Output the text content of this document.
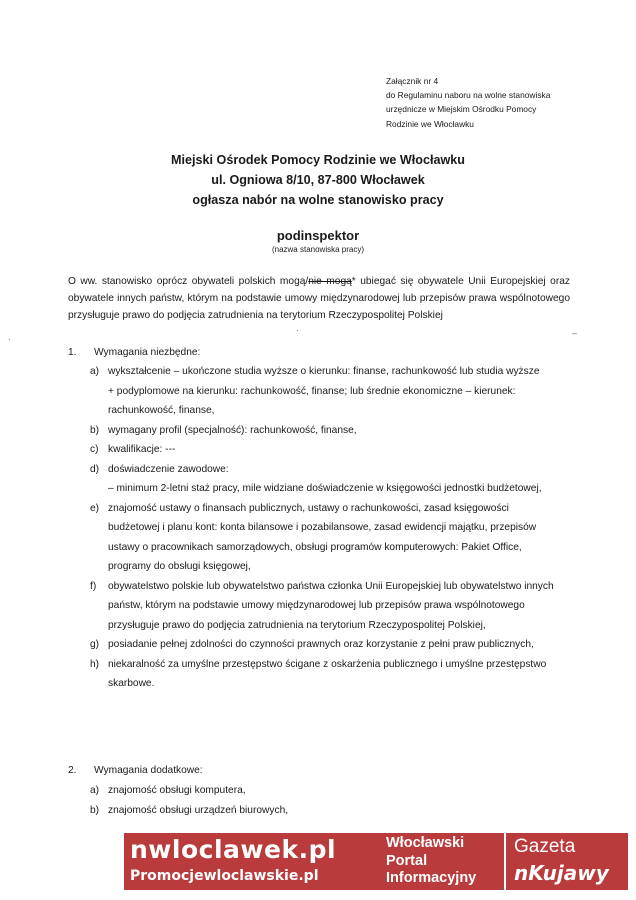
Załącznik nr 4
do Regulaminu naboru na wolne stanowiska
urzędnicze w Miejskim Ośrodku Pomocy
Rodzinie we Włocławku
Miejski Ośrodek Pomocy Rodzinie we Włocławku
ul. Ogniowa 8/10, 87-800 Włocławek
ogłasza nabór na wolne stanowisko pracy
podinspektor
(nazwa stanowiska pracy)
O ww. stanowisko oprócz obywateli polskich mogą/nie mogą* ubiegać się obywatele Unii Europejskiej oraz obywatele innych państw, którym na podstawie umowy międzynarodowej lub przepisów prawa wspólnotowego przysługuje prawo do podjęcia zatrudnienia na terytorium Rzeczypospolitej Polskiej
ˎ	·	–
1. Wymagania niezbędne:
a) wykształcenie – ukończone studia wyższe o kierunku: finanse, rachunkowość lub studia wyższe
+ podyplomowe na kierunku: rachunkowość, finanse; lub średnie ekonomiczne – kierunek:
rachunkowość, finanse,
b) wymagany profil (specjalność): rachunkowość, finanse,
c) kwalifikacje: ---
d) doświadczenie zawodowe:
– minimum 2-letni staż pracy, mile widziane doświadczenie w księgowości jednostki budżetowej,
e) znajomość ustawy o finansach publicznych, ustawy o rachunkowości, zasad księgowości
budżetowej i planu kont: konta bilansowe i pozabilansowe, zasad ewidencji majątku, przepisów
ustawy o pracownikach samorządowych, obsługi programów komputerowych: Pakiet Office,
programy do obsługi księgowej,
f)	obywatelstwo polskie lub obywatelstwo państwa członka Unii Europejskiej lub obywatelstwo innych
państw, którym na podstawie umowy międzynarodowej lub przepisów prawa wspólnotowego
przysługuje prawo do podjęcia zatrudnienia na terytorium Rzeczypospolitej Polskiej,
g) posiadanie pełnej zdolności do czynności prawnych oraz korzystanie z pełni praw publicznych,
h) niekaralność za umyślne przestępstwo ścigane z oskarżenia publicznego i umyślne przestępstwo
skarbowe.
2. Wymagania dodatkowe:
a) znajomość obsługi komputera,
b) znajomość obsługi urządzeń biurowych,
nwloclawek.pl
Promocjewloclawskie.pl
Włocławski
Portal
Informacyjny
Gazeta
nKujawy
